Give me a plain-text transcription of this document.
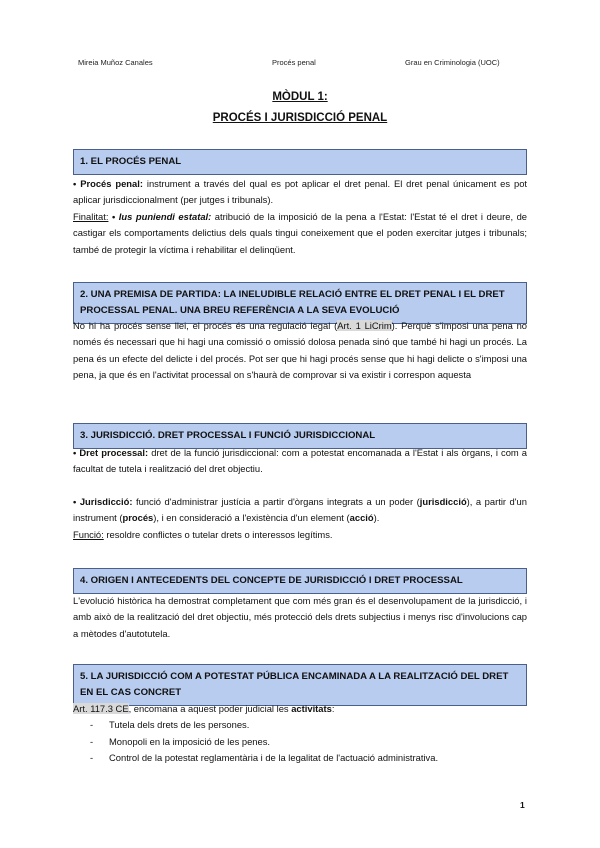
Mireia Muñoz Canales	Procés penal	Grau en Criminologia (UOC)
MÒDUL 1:
PROCÉS I JURISDICCIÓ PENAL
1. EL PROCÉS PENAL

• Procés penal: instrument a través del qual es pot aplicar el dret penal. El dret penal únicament es pot aplicar jurisdiccionalment (per jutges i tribunals).

Finalitat: • Ius puniendi estatal: atribució de la imposició de la pena a l'Estat: l'Estat té el dret i deure, de castigar els comportaments delictius dels quals tingui coneixement que el poden exercitar jutges i tribunals; també de protegir la víctima i rehabilitar el delinqüent.

2. UNA PREMISA DE PARTIDA: LA INELUDIBLE RELACIÓ ENTRE EL DRET PENAL I EL DRET PROCESSAL PENAL. UNA BREU REFERÈNCIA A LA SEVA EVOLUCIÓ

No hi ha procés sense llei, el procés és una regulació legal (Art. 1 LiCrim). Perquè s'imposi una pena no només és necessari que hi hagi una comissió o omissió dolosa penada sinó que també hi hagi un procés. La pena és un efecte del delicte i del procés. Pot ser que hi hagi procés sense que hi hagi delicte o s'imposi una pena, ja que és en l'activitat processal on s'haurà de comprovar si va existir i correspon aquesta

3. JURISDICCIÓ. DRET PROCESSAL I FUNCIÓ JURISDICCIONAL

• Dret processal: dret de la funció jurisdiccional: com a potestat encomanada a l'Estat i als òrgans, i com a facultat de tutela i realització del dret objectiu.

• Jurisdicció: funció d'administrar justícia a partir d'òrgans integrats a un poder (jurisdicció), a partir d'un instrument (procés), i en consideració a l'existència d'un element (acció).

Funció: resoldre conflictes o tutelar drets o interessos legítims.

4. ORIGEN I ANTECEDENTS DEL CONCEPTE DE JURISDICCIÓ I DRET PROCESSAL

L'evolució històrica ha demostrat completament que com més gran és el desenvolupament de la jurisdicció, i amb això de la realització del dret objectiu, més protecció dels drets subjectius i menys risc d'involucions cap a mètodes d'autotutela.

5. LA JURISDICCIÓ COM A POTESTAT PÚBLICA ENCAMINADA A LA REALITZACIÓ DEL DRET EN EL CAS CONCRET

Art. 117.3 CE, encomana a aquest poder judicial les activitats:

- Tutela dels drets de les persones.
- Monopoli en la imposició de les penes.
- Control de la potestat reglamentària i de la legalitat de l'actuació administrativa.
1
